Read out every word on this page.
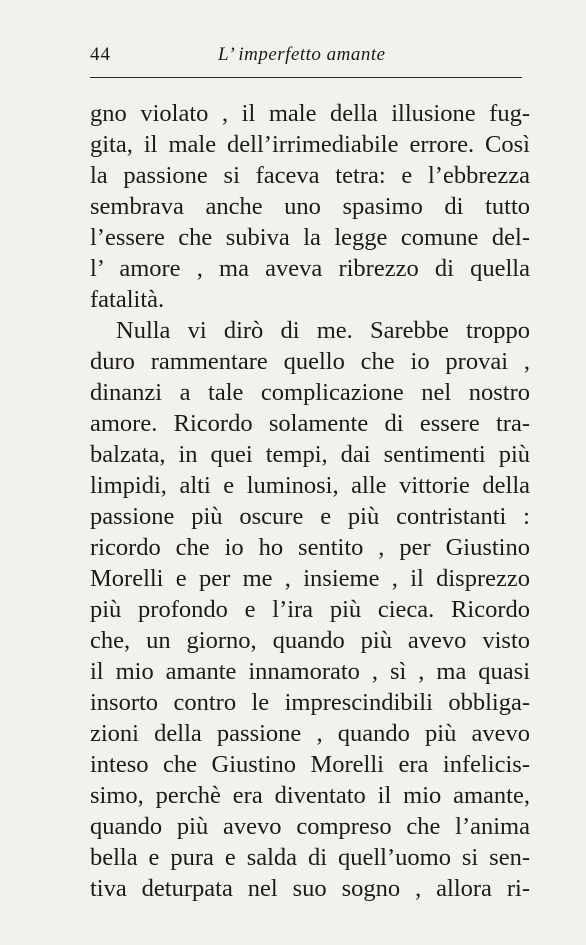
44	L’ imperfetto amante
gno violato , il male della illusione fug-
gita, il male dell’irrimediabile errore. Così
la passione si faceva tetra: e l’ebbrezza
sembrava anche uno spasimo di tutto
l’essere che subiva la legge comune del-
l’ amore , ma aveva ribrezzo di quella
fatalità.
Nulla vi dirò di me. Sarebbe troppo
duro rammentare quello che io provai ,
dinanzi a tale complicazione nel nostro
amore. Ricordo solamente di essere tra-
balzata, in quei tempi, dai sentimenti più
limpidi, alti e luminosi, alle vittorie della
passione più oscure e più contristanti :
ricordo che io ho sentito , per Giustino
Morelli e per me , insieme , il disprezzo
più profondo e l’ira più cieca. Ricordo
che, un giorno, quando più avevo visto
il mio amante innamorato , sì , ma quasi
insorto contro le imprescindibili obbliga-
zioni della passione , quando più avevo
inteso che Giustino Morelli era infelicis-
simo, perchè era diventato il mio amante,
quando più avevo compreso che l’anima
bella e pura e salda di quell’uomo si sen-
tiva deturpata nel suo sogno , allora ri-
